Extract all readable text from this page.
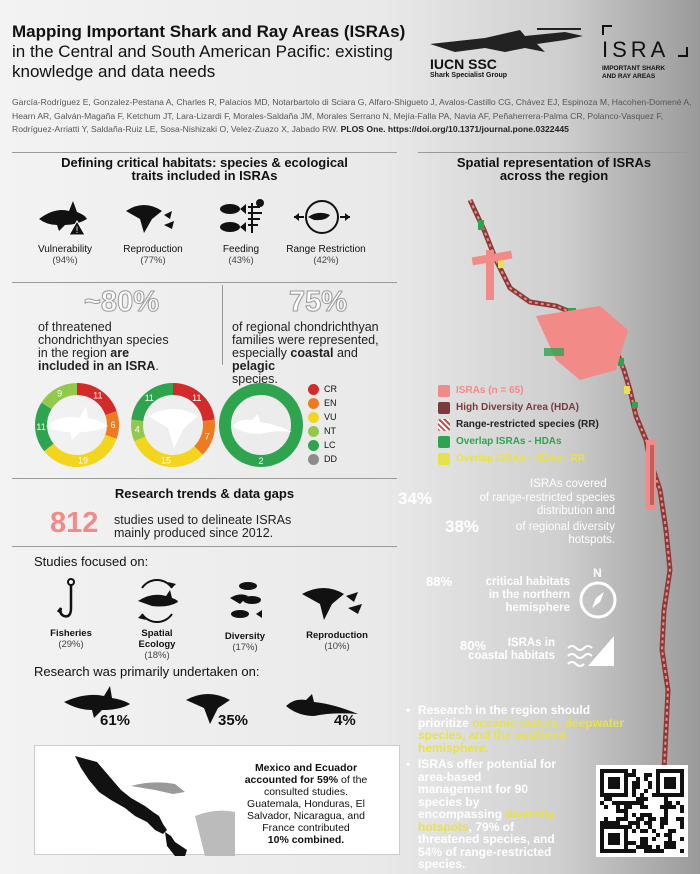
Mapping Important Shark and Ray Areas (ISRAs) in the Central and South American Pacific: existing knowledge and data needs	IUCN SSC
Shark Specialist Group
ISRA
IMPORTANT SHARK
AND RAY AREAS
García-Rodríguez E, Gonzalez-Pestana A, Charles R, Palacios MD, Notarbartolo di Sciara G, Alfaro-Shigueto J, Avalos-Castillo CG, Chávez EJ, Espinoza M, Hacohen-Domené A, Hearn AR, Galván-Magaña F, Ketchum JT, Lara-Lizardi F, Morales-Saldaña JM, Morales Serrano N, Mejía-Falla PA, Navia AF, Peñaherrera-Palma CR, Polanco-Vasquez F, Rodríguez-Arriatti Y, Saldaña-Ruiz LE, Sosa-Nishizaki O, Velez-Zuazo X, Jabado RW. PLOS One. https://doi.org/10.1371/journal.pone.0322445
Defining critical habitats: species & ecological
traits included in ISRAs
!
Vulnerability
(94%)
Reproduction
(77%)
Feeding
(43%)
Range Restriction
(42%)
~80%
of threatened
chondrichthyan species
in the region are
included in an ISRA.
75%
of regional chondrichthyan
families were represented,
especially coastal and pelagic
species.
11
6
19
11
9	11
7
15
4
11
2
CR
EN
VU
NT
LC
DD
Research trends & data gaps
812 studies used to delineate ISRAs
mainly produced since 2012.
Studies focused on:
Fisheries
(29%)
Spatial Ecology
(18%)
Diversity
(17%)
Reproduction
(10%)
Research was primarily undertaken on:
61%	35%	4%
Mexico and Ecuador
accounted for 59% of the
consulted studies.
Guatemala, Honduras, El
Salvador, Nicaragua, and
France contributed
10% combined.
Spatial representation of ISRAs
across the region
ISRAs (n = 65)
High Diversity Area (HDA)
Range-restricted species (RR)
Overlap ISRAs - HDAs
Overlap ISRAs - HDAs - RR
ISRAs covered
34%	of range-restricted species
distribution and
38%	of regional diversity
hotspots.
88%	critical habitats
in the northern
hemisphere
N
80%	ISRAs in
coastal habitats
• Research in the region should
prioritize oceanic waters, deepwater
species, and the southern
hemisphere.
• ISRAs offer potential for
area-based
management for 90
species by
encompassing diversity
hotspots, 79% of
threatened species, and
54% of range-restricted
species.
